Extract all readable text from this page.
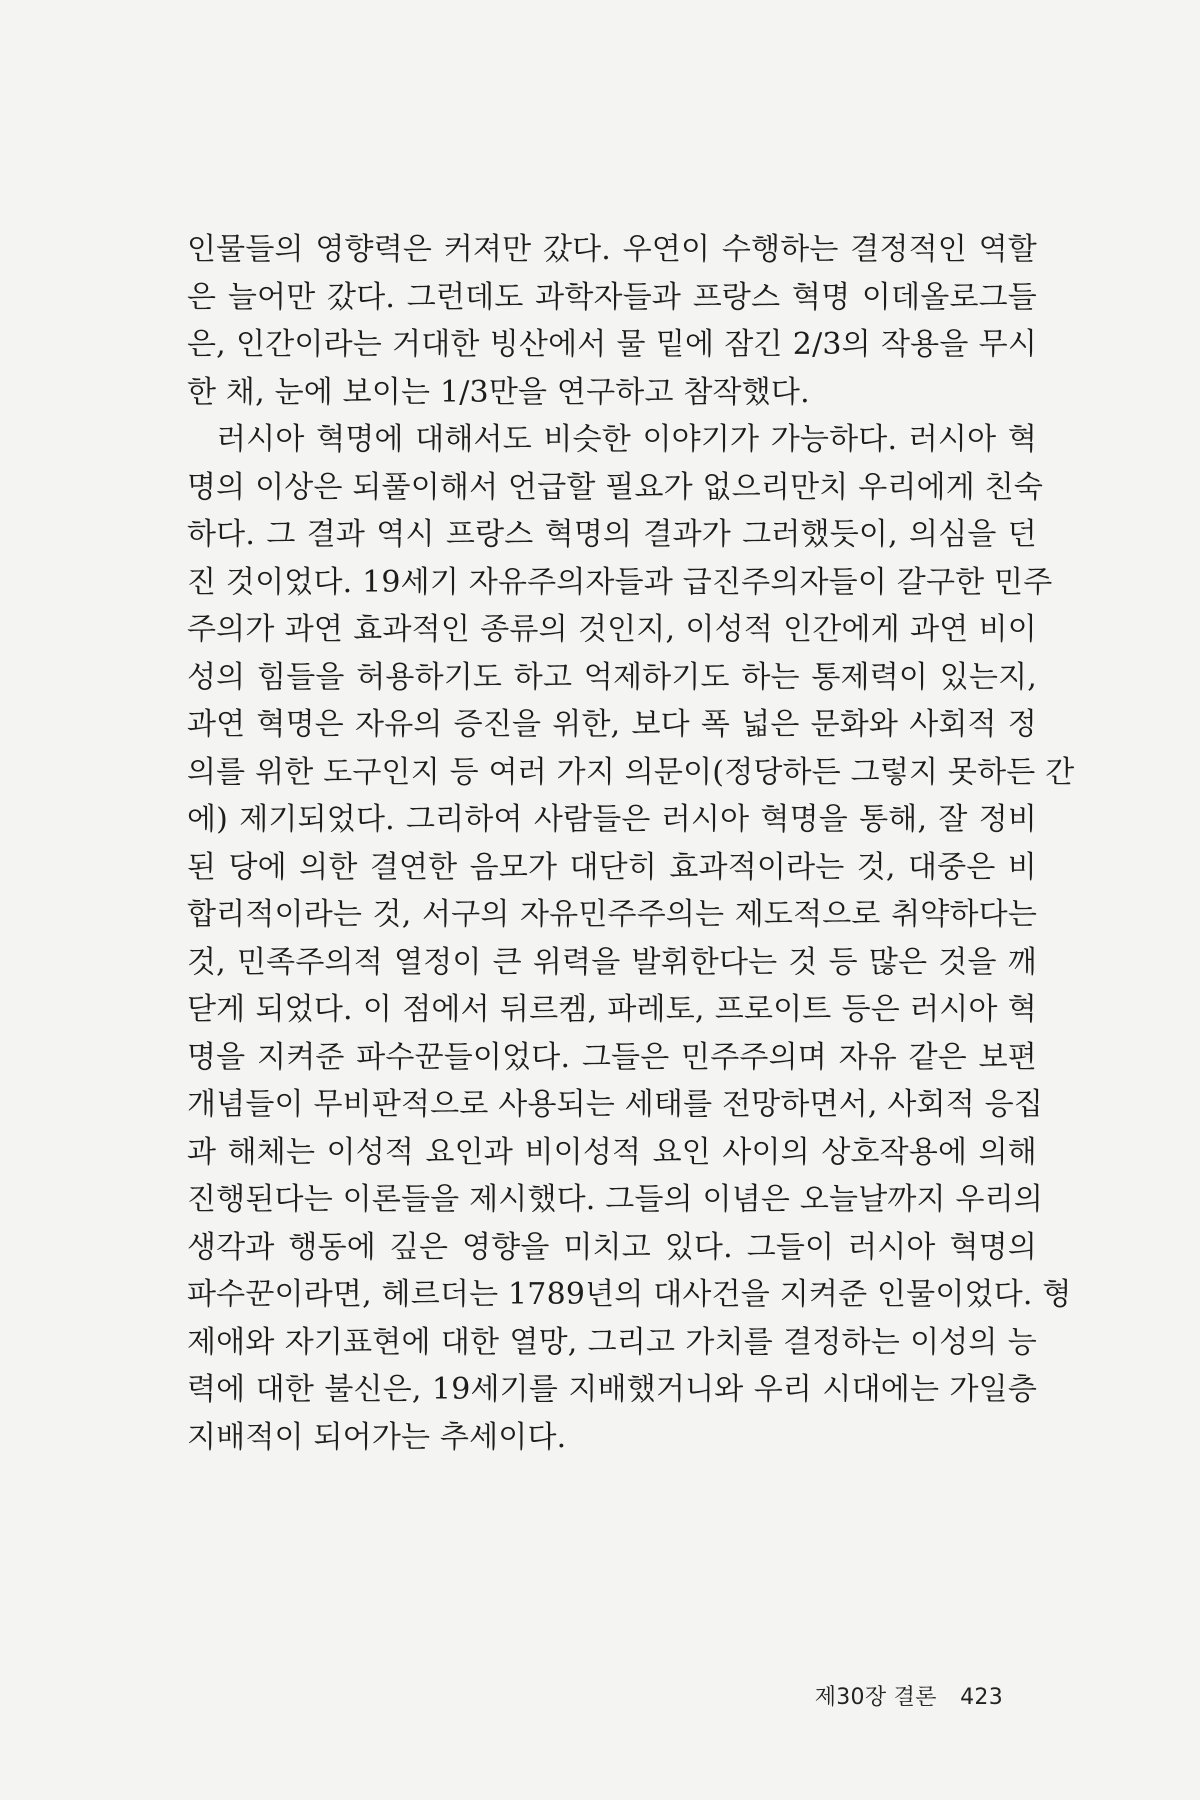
인물들의 영향력은 커져만 갔다. 우연이 수행하는 결정적인 역할
은 늘어만 갔다. 그런데도 과학자들과 프랑스 혁명 이데올로그들
은, 인간이라는 거대한 빙산에서 물 밑에 잠긴 2/3의 작용을 무시
한 채, 눈에 보이는 1/3만을 연구하고 참작했다.

러시아 혁명에 대해서도 비슷한 이야기가 가능하다. 러시아 혁
명의 이상은 되풀이해서 언급할 필요가 없으리만치 우리에게 친숙
하다. 그 결과 역시 프랑스 혁명의 결과가 그러했듯이, 의심을 던
진 것이었다. 19세기 자유주의자들과 급진주의자들이 갈구한 민주
주의가 과연 효과적인 종류의 것인지, 이성적 인간에게 과연 비이
성의 힘들을 허용하기도 하고 억제하기도 하는 통제력이 있는지,
과연 혁명은 자유의 증진을 위한, 보다 폭 넓은 문화와 사회적 정
의를 위한 도구인지 등 여러 가지 의문이(정당하든 그렇지 못하든 간
에) 제기되었다. 그리하여 사람들은 러시아 혁명을 통해, 잘 정비
된 당에 의한 결연한 음모가 대단히 효과적이라는 것, 대중은 비
합리적이라는 것, 서구의 자유민주주의는 제도적으로 취약하다는
것, 민족주의적 열정이 큰 위력을 발휘한다는 것 등 많은 것을 깨
닫게 되었다. 이 점에서 뒤르켐, 파레토, 프로이트 등은 러시아 혁
명을 지켜준 파수꾼들이었다. 그들은 민주주의며 자유 같은 보편
개념들이 무비판적으로 사용되는 세태를 전망하면서, 사회적 응집
과 해체는 이성적 요인과 비이성적 요인 사이의 상호작용에 의해
진행된다는 이론들을 제시했다. 그들의 이념은 오늘날까지 우리의
생각과 행동에 깊은 영향을 미치고 있다. 그들이 러시아 혁명의
파수꾼이라면, 헤르더는 1789년의 대사건을 지켜준 인물이었다. 형
제애와 자기표현에 대한 열망, 그리고 가치를 결정하는 이성의 능
력에 대한 불신은, 19세기를 지배했거니와 우리 시대에는 가일층
지배적이 되어가는 추세이다.

제30장 결론 423
